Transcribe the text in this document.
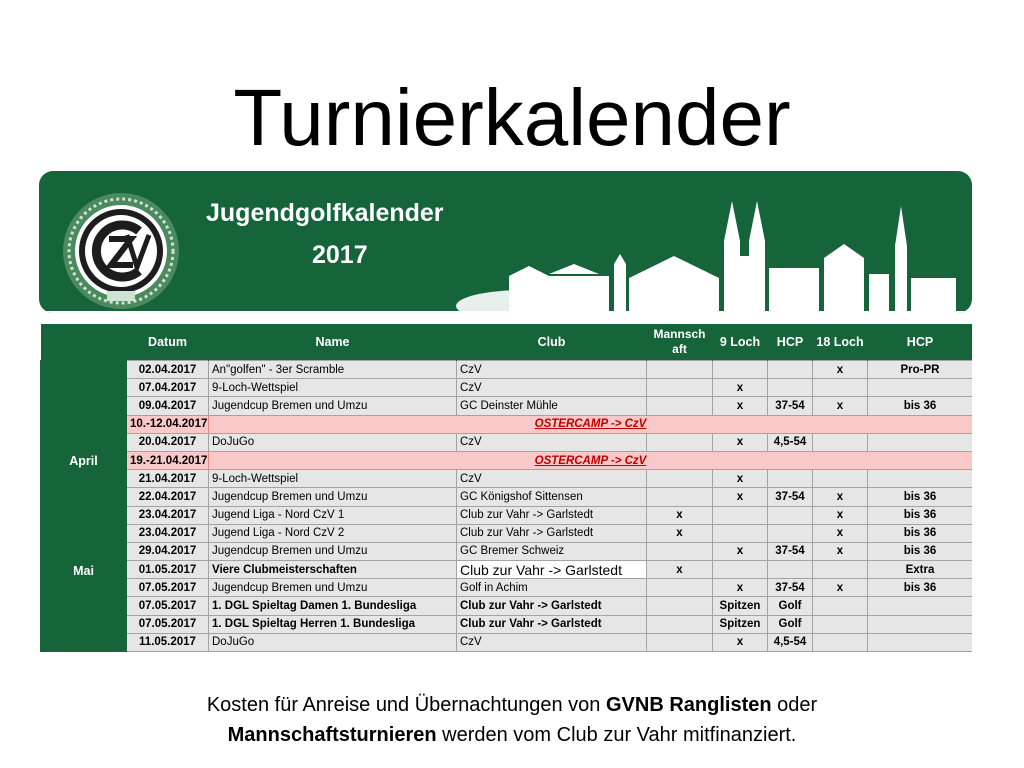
Turnierkalender
Jugendgolfkalender
2017
	Datum	Name	Club	Mannsch aft	9 Loch	HCP	18 Loch	HCP
April	02.04.2017	An"golfen" - 3er Scramble	CzV				x	Pro-PR
	07.04.2017	9-Loch-Wettspiel	CzV		x			
	09.04.2017	Jugendcup Bremen und Umzu	GC Deinster Mühle		x	37-54	x	bis 36
	10.-12.04.2017	OSTERCAMP -> CzV						
	20.04.2017	DoJuGo	CzV		x	4,5-54		
	19.-21.04.2017	OSTERCAMP -> CzV						
	21.04.2017	9-Loch-Wettspiel	CzV		x			
	22.04.2017	Jugendcup Bremen und Umzu	GC Königshof Sittensen		x	37-54	x	bis 36
	23.04.2017	Jugend Liga - Nord CzV 1	Club zur Vahr -> Garlstedt	x			x	bis 36
	23.04.2017	Jugend Liga - Nord CzV 2	Club zur Vahr -> Garlstedt	x			x	bis 36
	29.04.2017	Jugendcup Bremen und Umzu	GC Bremer Schweiz		x	37-54	x	bis 36
Mai	01.05.2017	Viere Clubmeisterschaften	Club zur Vahr -> Garlstedt	x				Extra
	07.05.2017	Jugendcup Bremen und Umzu	Golf in Achim		x	37-54	x	bis 36
	07.05.2017	1. DGL Spieltag Damen 1. Bundesliga	Club zur Vahr -> Garlstedt		Spitzen	Golf		
	07.05.2017	1. DGL Spieltag Herren 1. Bundesliga	Club zur Vahr -> Garlstedt		Spitzen	Golf		
	11.05.2017	DoJuGo	CzV		x	4,5-54		
Kosten für Anreise und Übernachtungen von GVNB Ranglisten oder
Mannschaftsturnieren werden vom Club zur Vahr mitfinanziert.
